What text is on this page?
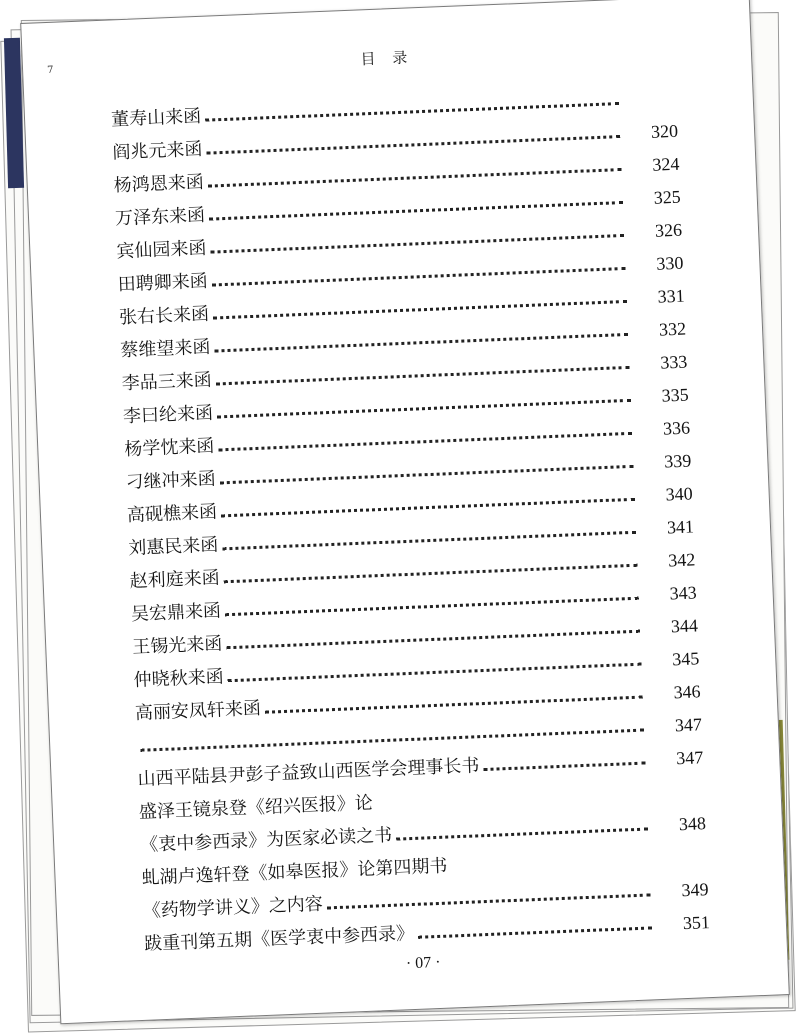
7
目 录
董寿山来函
阎兆元来函
320
杨鸿恩来函
324
万泽东来函
325
宾仙园来函
326
田聘卿来函
330
张右长来函
331
蔡维望来函
332
李品三来函
333
李曰纶来函
335
杨学忱来函
336
刁继冲来函
339
高砚樵来函
340
刘惠民来函
341
赵利庭来函
342
吴宏鼎来函
343
王锡光来函
344
仲晓秋来函
345
高丽安凤轩来函
346
347
山西平陆县尹彭子益致山西医学会理事长书	347
盛泽王镜泉登《绍兴医报》论
《衷中参西录》为医家必读之书
348
虬湖卢逸轩登《如皋医报》论第四期书
《药物学讲义》之内容
349
跋重刊第五期《医学衷中参西录》
351
· 07 ·
